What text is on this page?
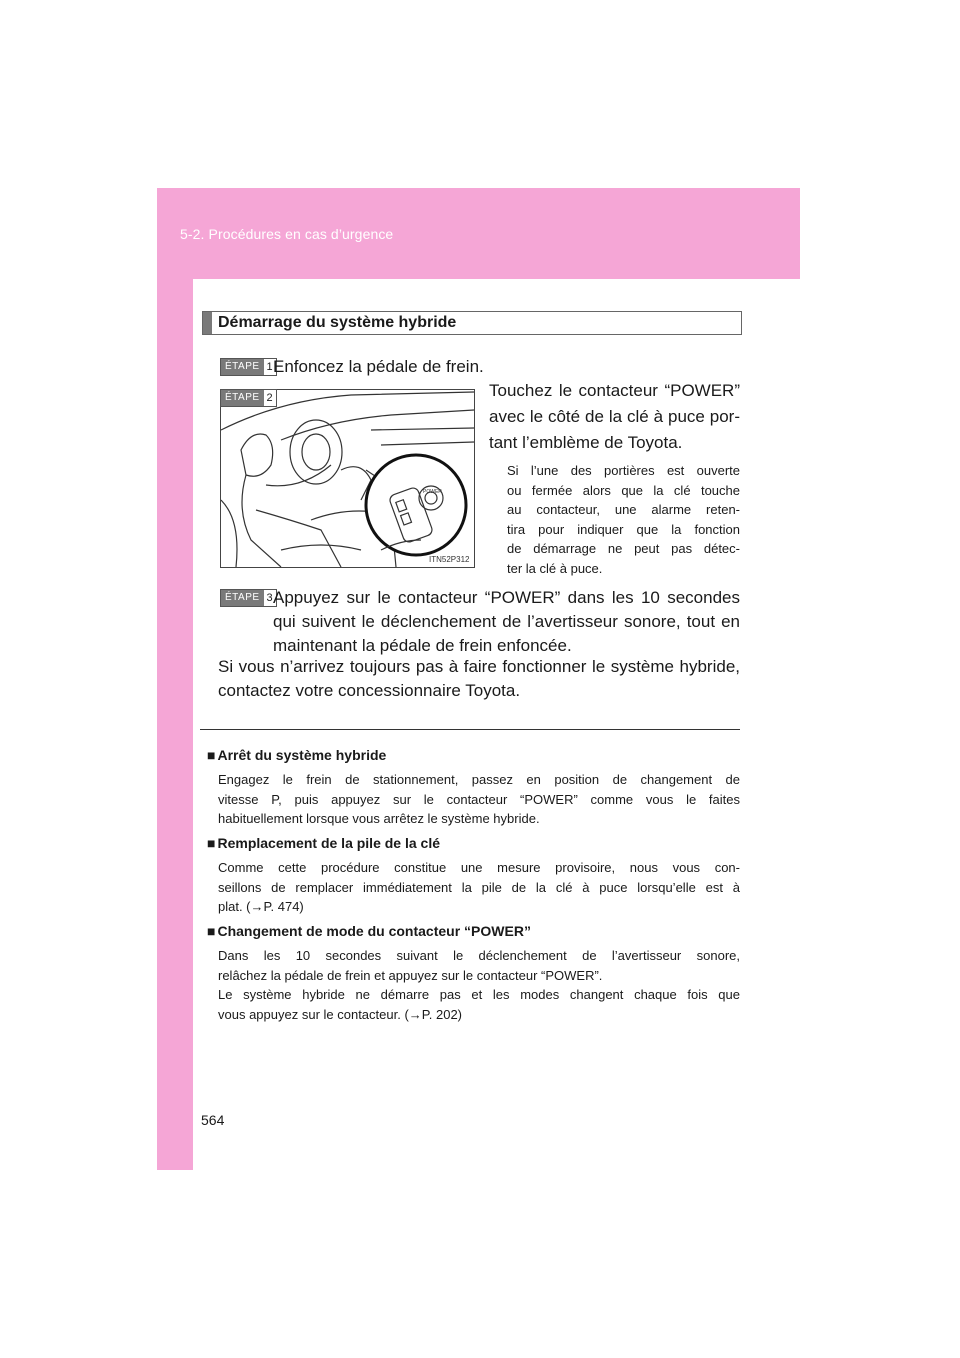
5-2. Procédures en cas d’urgence
Démarrage du système hybride
ÉTAPE 1 Enfoncez la pédale de frein.
POWER
ITN52P312
ÉTAPE 2	Touchez le contacteur “POWER”
avec le côté de la clé à puce por-
tant l’emblème de Toyota.
Si l’une des portières est ouverte
ou fermée alors que la clé touche
au contacteur, une alarme reten-
tira pour indiquer que la fonction
de démarrage ne peut pas détec-
ter la clé à puce.
ÉTAPE 3 Appuyez sur le contacteur “POWER” dans les 10 secondes
qui suivent le déclenchement de l’avertisseur sonore, tout en
maintenant la pédale de frein enfoncée.
Si vous n’arrivez toujours pas à faire fonctionner le système hybride,
contactez votre concessionnaire Toyota.
■ Arrêt du système hybride
Engagez le frein de stationnement, passez en position de changement de
vitesse P, puis appuyez sur le contacteur “POWER” comme vous le faites
habituellement lorsque vous arrêtez le système hybride.
■ Remplacement de la pile de la clé
Comme cette procédure constitue une mesure provisoire, nous vous con-
seillons de remplacer immédiatement la pile de la clé à puce lorsqu’elle est à
plat. (→P. 474)
■ Changement de mode du contacteur “POWER”
Dans les 10 secondes suivant le déclenchement de l’avertisseur sonore,
relâchez la pédale de frein et appuyez sur le contacteur “POWER”.
Le système hybride ne démarre pas et les modes changent chaque fois que
vous appuyez sur le contacteur. (→P. 202)
564
